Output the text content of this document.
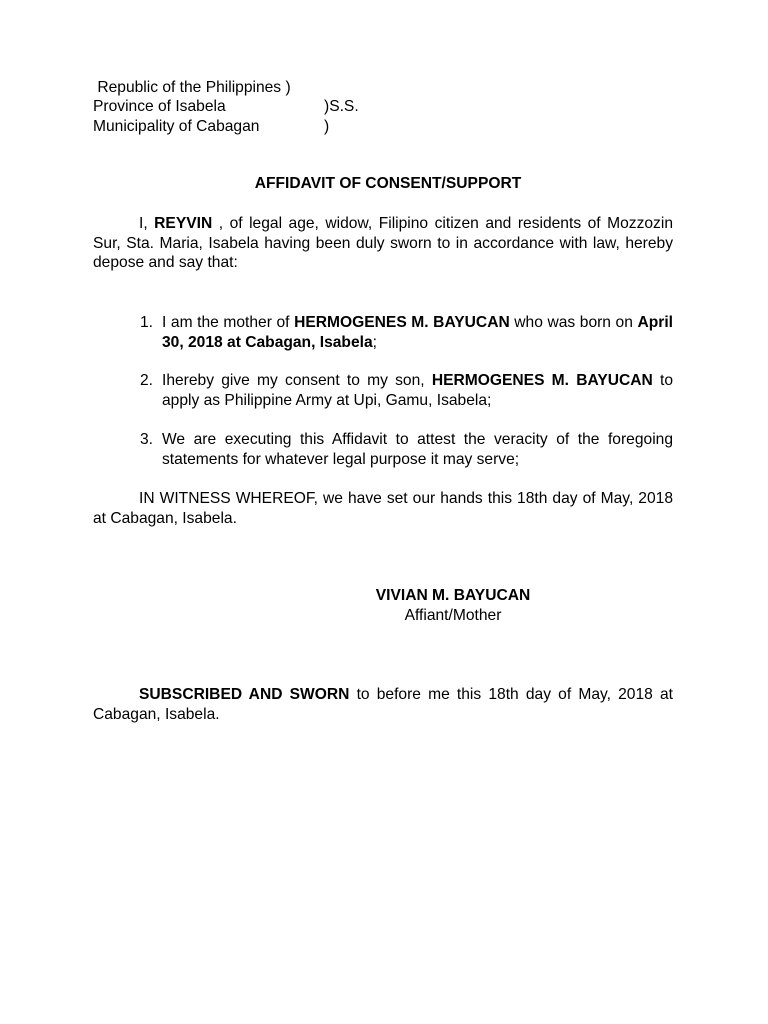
Republic of the Philippines )
Province of Isabela	)S.S.
Municipality of Cabagan	)
AFFIDAVIT OF CONSENT/SUPPORT
I, REYVIN , of legal age, widow, Filipino citizen and residents of Mozzozin Sur, Sta. Maria, Isabela having been duly sworn to in accordance with law, hereby depose and say that:
1. I am the mother of HERMOGENES M. BAYUCAN who was born on April 30, 2018 at Cabagan, Isabela;
2. Ihereby give my consent to my son, HERMOGENES M. BAYUCAN to apply as Philippine Army at Upi, Gamu, Isabela;
3. We are executing this Affidavit to attest the veracity of the foregoing statements for whatever legal purpose it may serve;
IN WITNESS WHEREOF, we have set our hands this 18th day of May, 2018 at Cabagan, Isabela.
VIVIAN M. BAYUCAN
Affiant/Mother
SUBSCRIBED AND SWORN to before me this 18th day of May, 2018 at Cabagan, Isabela.
